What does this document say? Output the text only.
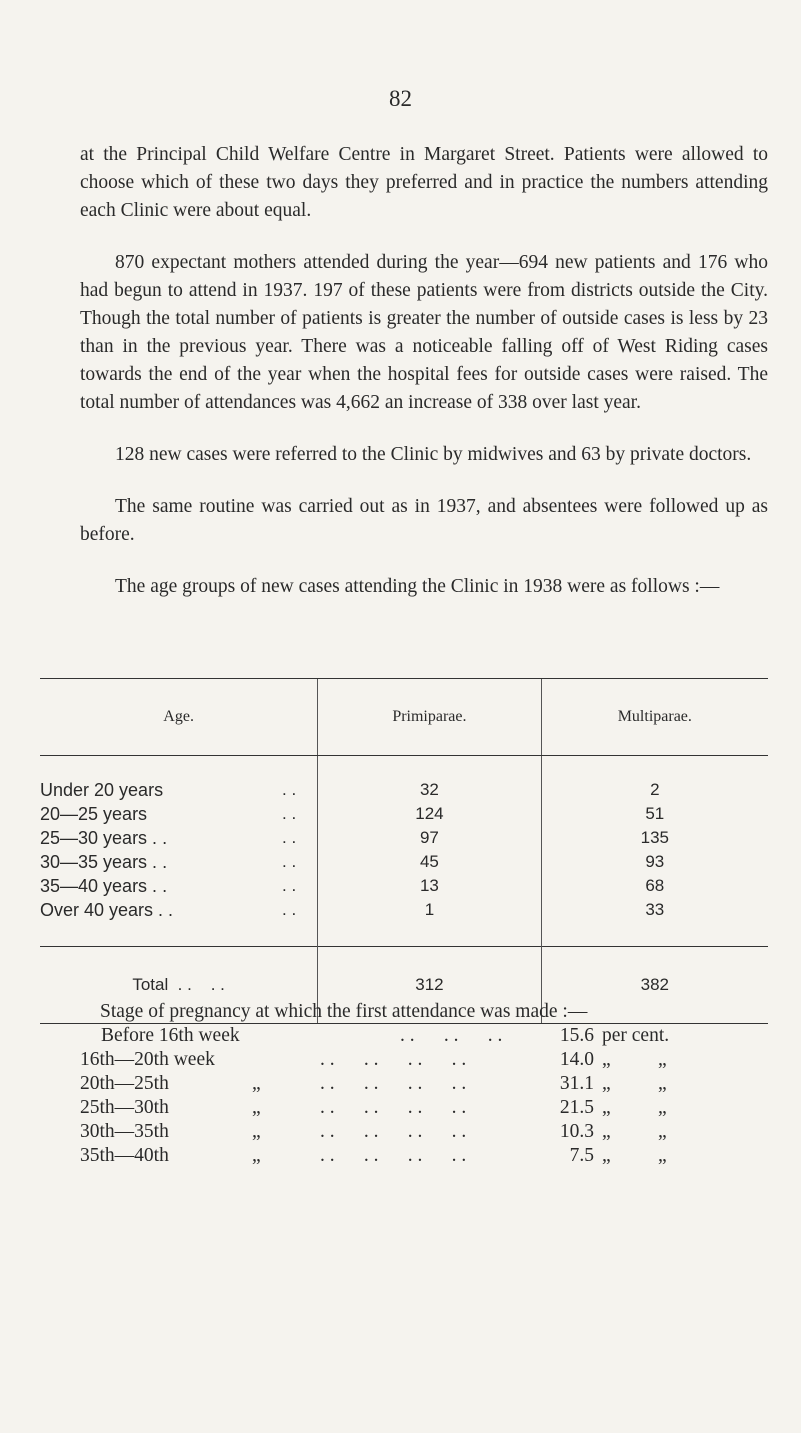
82

at the Principal Child Welfare Centre in Margaret Street. Patients were allowed to choose which of these two days they preferred and in practice the numbers attending each Clinic were about equal.

870 expectant mothers attended during the year—694 new patients and 176 who had begun to attend in 1937. 197 of these patients were from districts outside the City. Though the total number of patients is greater the number of outside cases is less by 23 than in the previous year. There was a noticeable falling off of West Riding cases towards the end of the year when the hospital fees for outside cases were raised. The total number of attendances was 4,662 an increase of 338 over last year.

128 new cases were referred to the Clinic by midwives and 63 by private doctors.

The same routine was carried out as in 1937, and absentees were followed up as before.

The age groups of new cases attending the Clinic in 1938 were as follows :—

Age.	Primiparae.	Multiparae.
Under 20 years . .	32	2
20—25 years . .	124	51
25—30 years . . . .	97	135
30—35 years . . . .	45	93
35—40 years . . . .	13	68
Over 40 years . . . .	1	33
Total  . .    . .	312	382
Stage of pregnancy at which the first attendance was made :—
Before 16th week	. .      . .      . .	15.6 per cent.
16th—20th week	. .      . .      . .      . .	14.0 „ „
20th—25th	„	. .      . .      . .      . .	31.1 „ „
25th—30th	„	. .      . .      . .      . .	21.5 „ „
30th—35th	„	. .      . .      . .      . .	10.3 „ „
35th—40th	„	. .      . .      . .      . .	7.5 „ „
